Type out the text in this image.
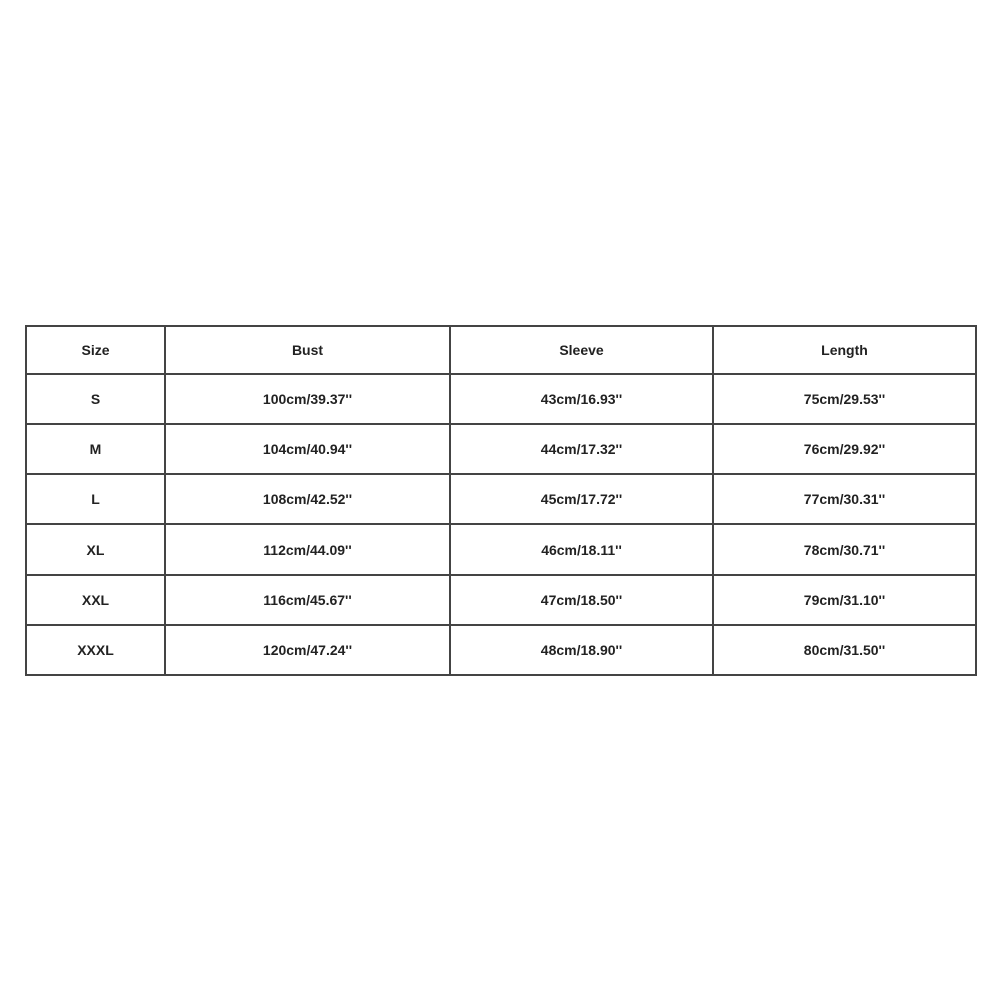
Size	Bust	Sleeve	Length
S	100cm/39.37''	43cm/16.93''	75cm/29.53''
M	104cm/40.94''	44cm/17.32''	76cm/29.92''
L	108cm/42.52''	45cm/17.72''	77cm/30.31''
XL	112cm/44.09''	46cm/18.11''	78cm/30.71''
XXL	116cm/45.67''	47cm/18.50''	79cm/31.10''
XXXL	120cm/47.24''	48cm/18.90''	80cm/31.50''
